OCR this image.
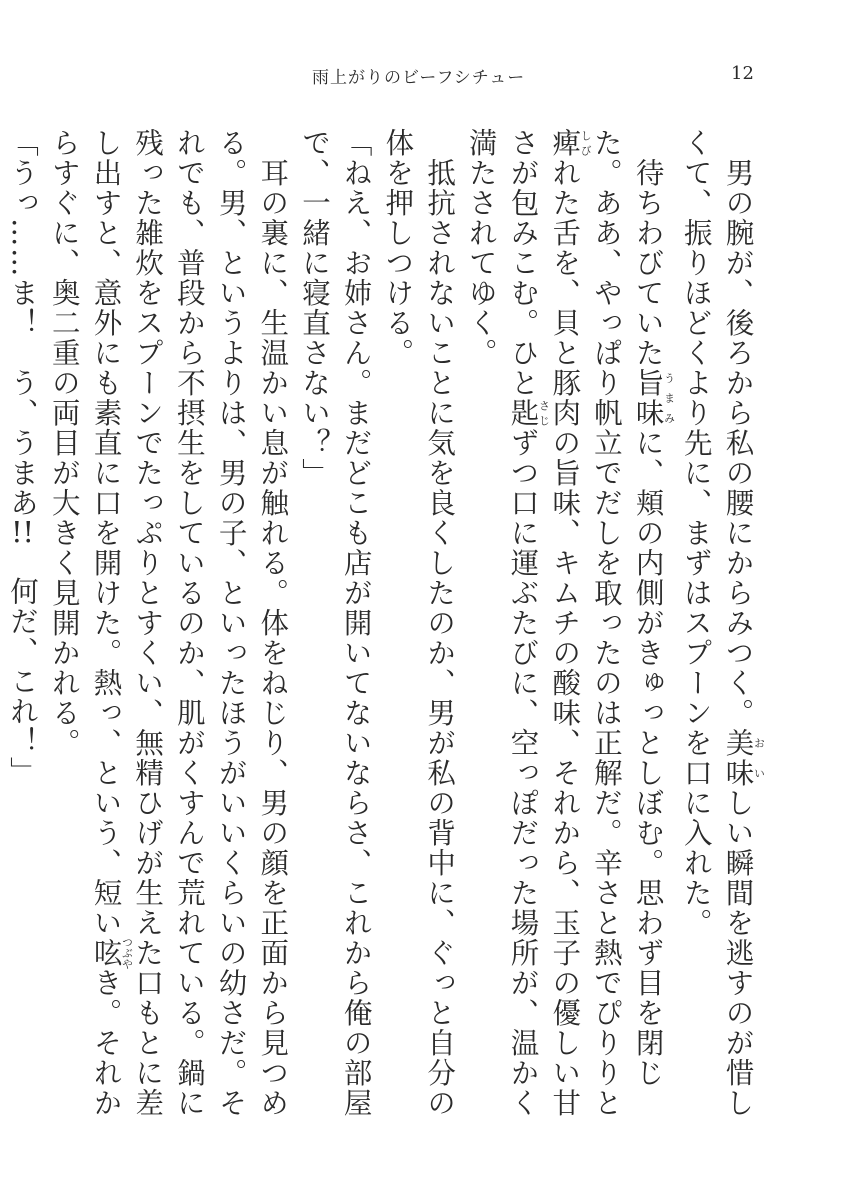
雨上がりのビーフシチュー	12

　男の腕が、後ろから私の腰にからみつく。美味おいしい瞬間を逃すのが惜しくて、振りほどくより先に、まずはスプーンを口に入れた。

　待ちわびていた旨味うまみに、頬の内側がきゅっとしぼむ。思わず目を閉じた。ああ、やっぱり帆立でだしを取ったのは正解だ。辛さと熱でぴりりと痺しびれた舌を、貝と豚肉の旨味、キムチの酸味、それから、玉子の優しい甘さが包みこむ。ひと匙さじずつ口に運ぶたびに、空っぽだった場所が、温かく満たされてゆく。

　抵抗されないことに気を良くしたのか、男が私の背中に、ぐっと自分の体を押しつける。

「ねえ、お姉さん。まだどこも店が開いてないならさ、これから俺の部屋で、一緒に寝直さない？」

　耳の裏に、生温かい息が触れる。体をねじり、男の顔を正面から見つめる。男、というよりは、男の子、といったほうがいいくらいの幼さだ。それでも、普段から不摂生をしているのか、肌がくすんで荒れている。鍋に残った雑炊をスプーンでたっぷりとすくい、無精ひげが生えた口もとに差し出すと、意外にも素直に口を開けた。熱っ、という、短い呟つぶやき。それからすぐに、奥二重の両目が大きく見開かれる。

「うっ……ま！　う、うまあ!!　何だ、これ！」
